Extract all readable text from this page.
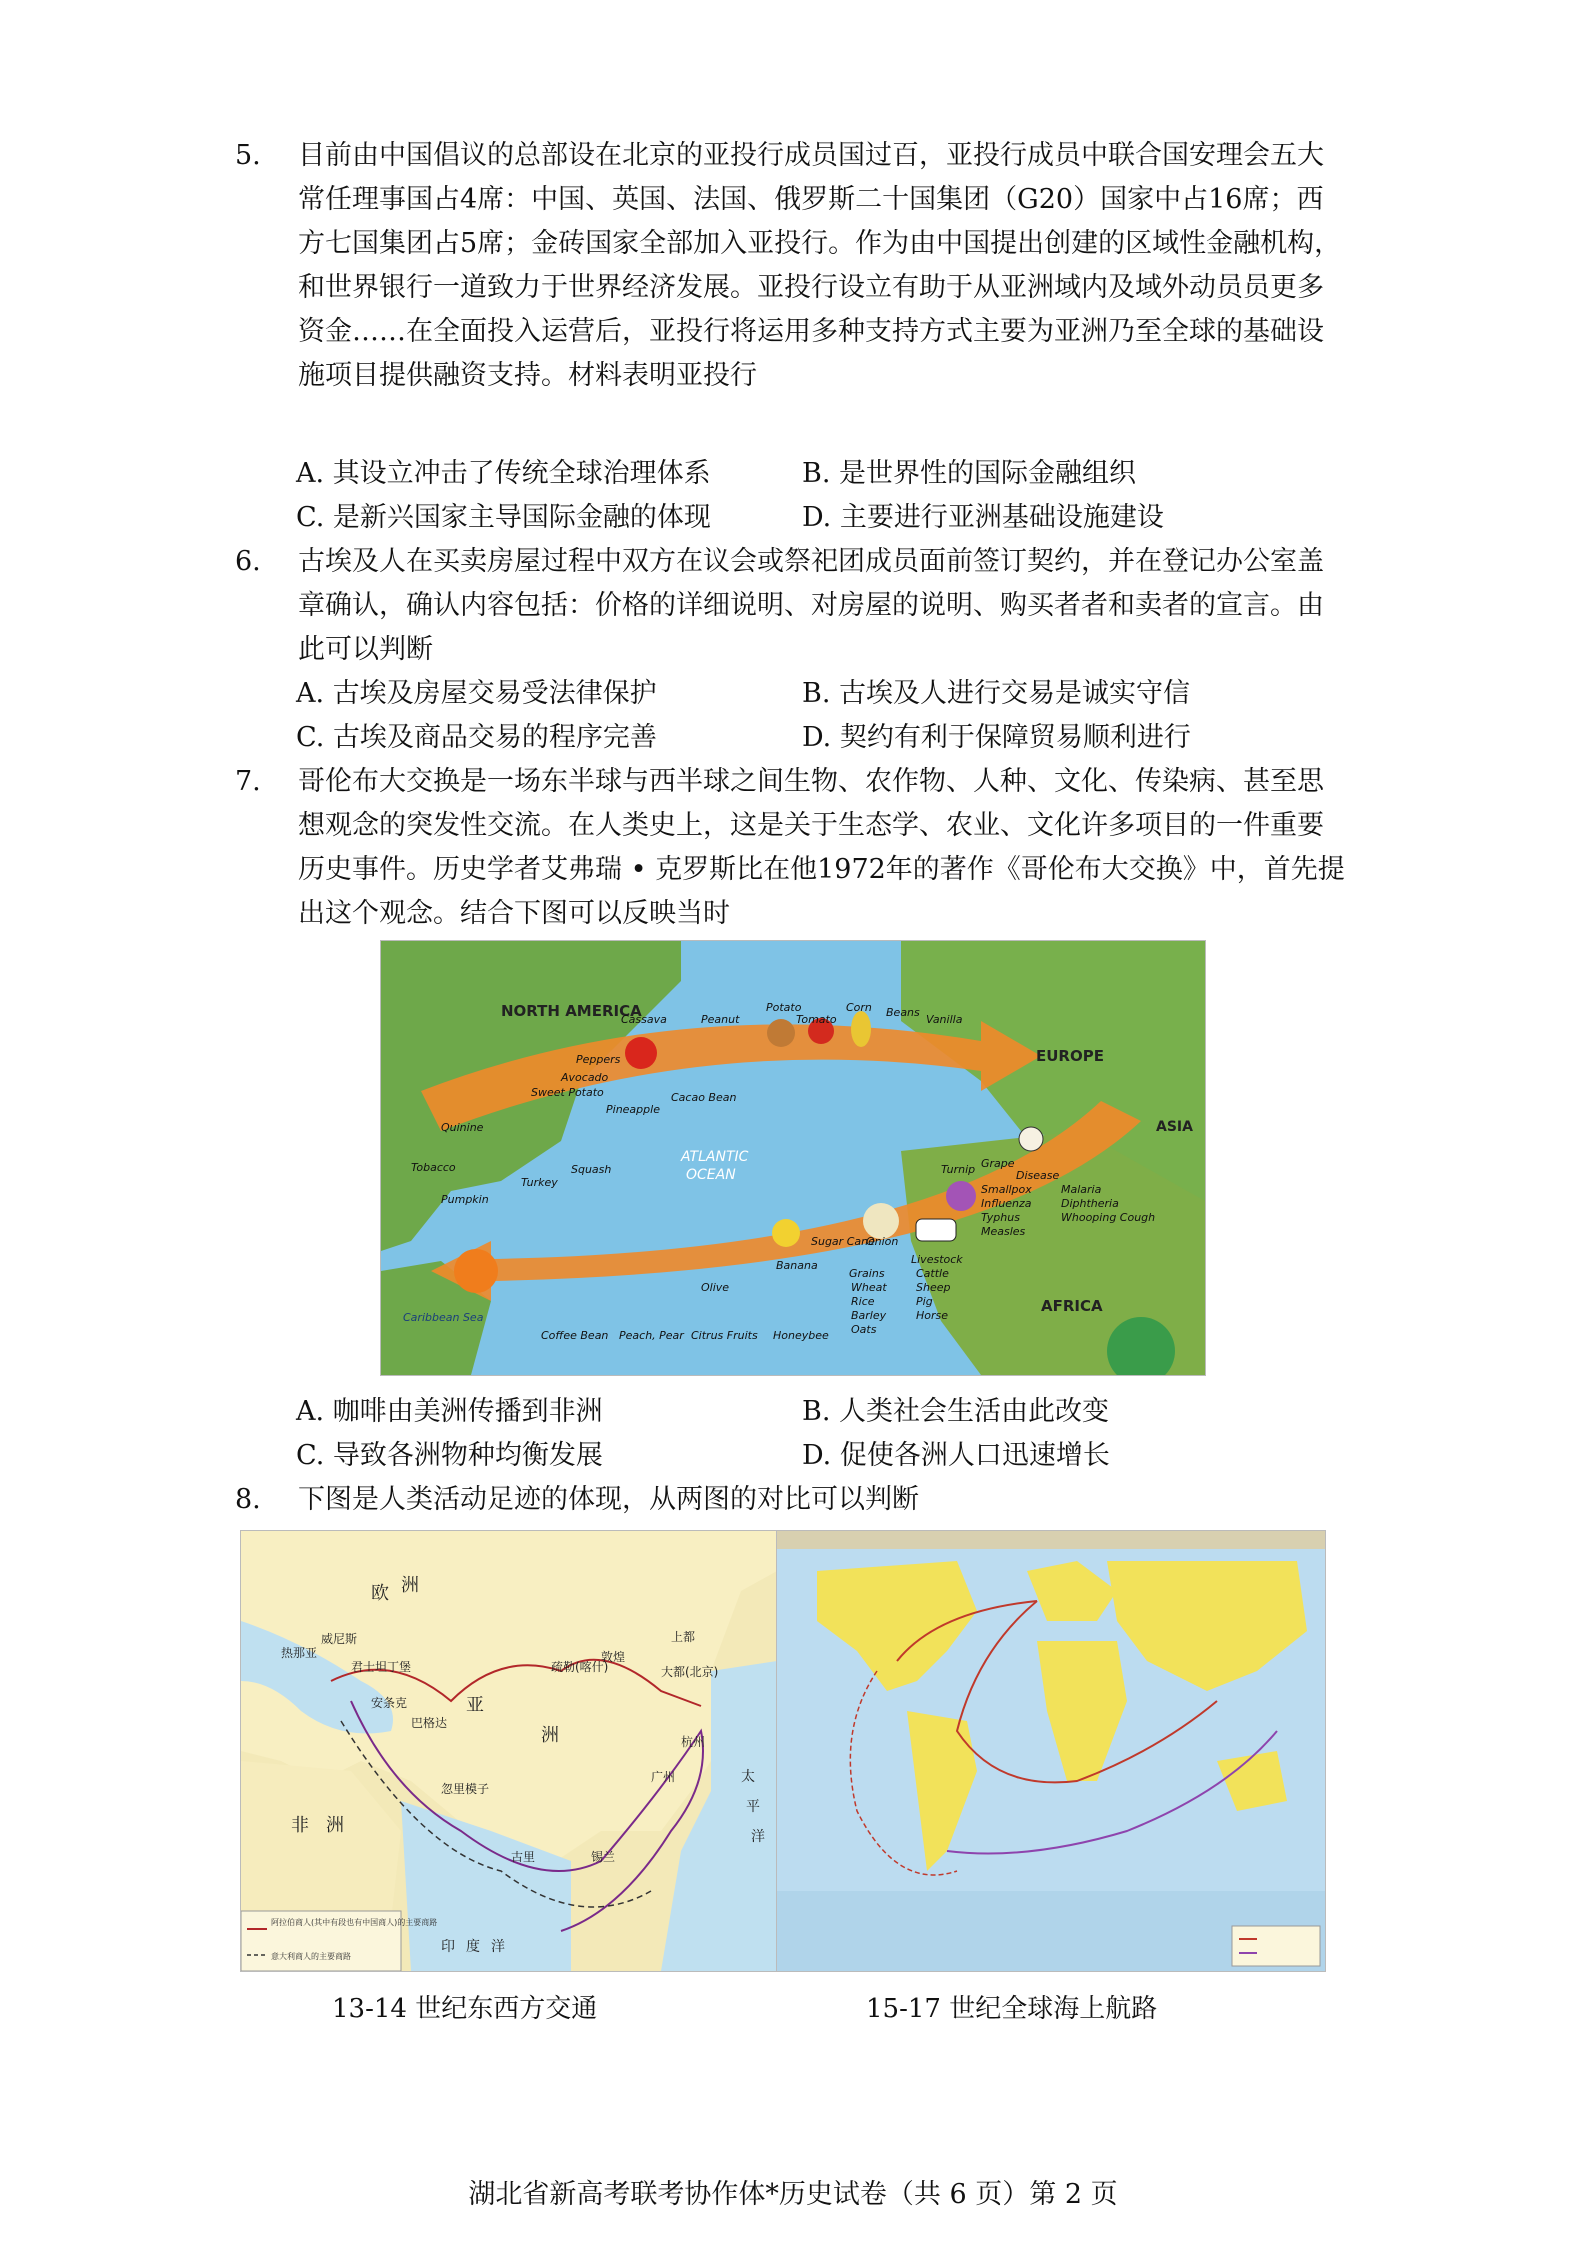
5.	目前由中国倡议的总部设在北京的亚投行成员国过百，亚投行成员中联合国安理会五大常任理事国占4席：中国、英国、法国、俄罗斯二十国集团（G20）国家中占16席；西方七国集团占5席；金砖国家全部加入亚投行。作为由中国提出创建的区域性金融机构，和世界银行一道致力于世界经济发展。亚投行设立有助于从亚洲域内及域外动员员更多资金……在全面投入运营后，亚投行将运用多种支持方式主要为亚洲乃至全球的基础设施项目提供融资支持。材料表明亚投行
A. 其设立冲击了传统全球治理体系	B. 是世界性的国际金融组织
C. 是新兴国家主导国际金融的体现	D. 主要进行亚洲基础设施建设
6.	古埃及人在买卖房屋过程中双方在议会或祭祀团成员面前签订契约，并在登记办公室盖章确认，确认内容包括：价格的详细说明、对房屋的说明、购买者者和卖者的宣言。由此可以判断
A. 古埃及房屋交易受法律保护	B. 古埃及人进行交易是诚实守信
C. 古埃及商品交易的程序完善	D. 契约有利于保障贸易顺利进行
7.	哥伦布大交换是一场东半球与西半球之间生物、农作物、人种、文化、传染病、甚至思想观念的突发性交流。在人类史上，这是关于生态学、农业、文化许多项目的一件重要历史事件。历史学者艾弗瑞 • 克罗斯比在他1972年的著作《哥伦布大交换》中，首先提出这个观念。结合下图可以反映当时
NORTH AMERICA
EUROPE
ASIA
AFRICA
ATLANTIC
OCEAN
Caribbean Sea
Tobacco
Quinine
Sweet Potato
Avocado
Peppers
Cassava	Peanut
Potato
Tomato
Corn Beans
Vanilla
Pineapple
Cacao Bean
Squash
Turkey
Pumpkin
Coffee Bean Peach, Pear Citrus Fruits
Olive
Banana
Sugar Cane
Onion
Turnip Grape
Honeybee
Grains
Wheat
Rice
Barley
Oats
Livestock
Cattle
Sheep
Pig
Horse
Disease
Smallpox
Influenza
Typhus
Measles
Malaria
Diphtheria
Whooping Cough
A. 咖啡由美洲传播到非洲	B. 人类社会生活由此改变
C. 导致各洲物种均衡发展	D. 促使各洲人口迅速增长
8.	下图是人类活动足迹的体现，从两图的对比可以判断
欧 洲
威尼斯
热那亚
君士坦丁堡
安条克
巴格达
忽里模子
亚
洲
非 洲
疏勒(喀什)
敦煌
上都
大都(北京)
杭州
广州	太
平
洋
印 度 洋
古里	锡兰
阿拉伯商人(其中有段也有中国商人)的主要商路
意大利商人的主要商路
13-14 世纪东西方交通	15-17 世纪全球海上航路
湖北省新高考联考协作体*历史试卷（共 6 页）第 2 页
